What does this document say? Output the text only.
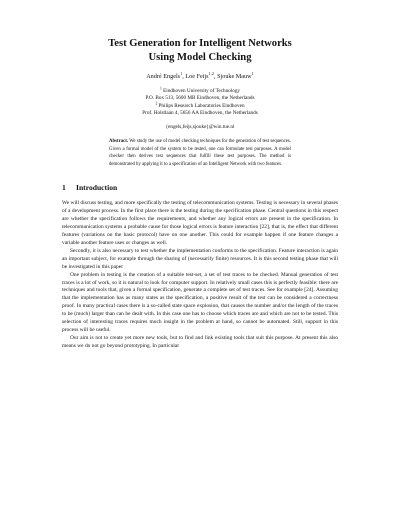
Test Generation for Intelligent Networks
Using Model Checking
André Engels$^1$, Loe Feijs$^{1,2}$, Sjouke Mauw$^1$
$^1$ Eindhoven University of Technology
P.O. Box 513, 5600 MB Eindhoven, the Netherlands
$^2$ Philips Research Laboratories Eindhoven
Prof. Holstlaan 4, 5656 AA Eindhoven, the Netherlands
{engels,feijs,sjouke}@win.tue.nl
Abstract. We study the use of model checking techniques for the generation of test sequences. Given a formal model of the system to be tested, one can formulate test purposes. A model checker then derives test sequences that fulfill these test purposes. The method is demonstrated by applying it to a specification of an Intelligent Network with two features.
1 Introduction

We will discuss testing, and more specifically the testing of telecommunication systems. Testing is necessary in several phases of a development process. In the first place there is the testing during the specification phase. Central questions in this respect are whether the specification follows the requirements, and whether any logical errors are present in the specification. In telecommunication systems a probable cause for those logical errors is feature interaction [22], that is, the effect that different features (variations on the basic protocol) have on one another. This could for example happen if one feature changes a variable another feature uses or changes as well.

Secondly, it is also necessary to test whether the implementation conforms to the specification. Feature interaction is again an important subject, for example through the sharing of (necessarily finite) resources. It is this second testing phase that will be investigated in this paper

One problem in testing is the creation of a suitable test-set, a set of test traces to be checked. Manual generation of test traces is a lot of work, so it is natural to look for computer support. In relatively small cases this is perfectly feasible: there are techniques and tools that, given a formal specification, generate a complete set of test traces. See for example [24]. Assuming that the implementation has as many states as the specification, a positive result of the test can be considered a correctness proof. In many practical cases there is a so-called state space explosion, that causes the number and/or the length of the traces to be (much) larger than can be dealt with. In this case one has to choose which traces are and which are not to be tested. This selection of interesting traces requires much insight in the problem at hand, so cannot be automated. Still, support in this process will be useful.

Our aim is not to create yet more new tools, but to find and link existing tools that suit this purpose. At present this also means we do not go beyond prototyping. In particular
